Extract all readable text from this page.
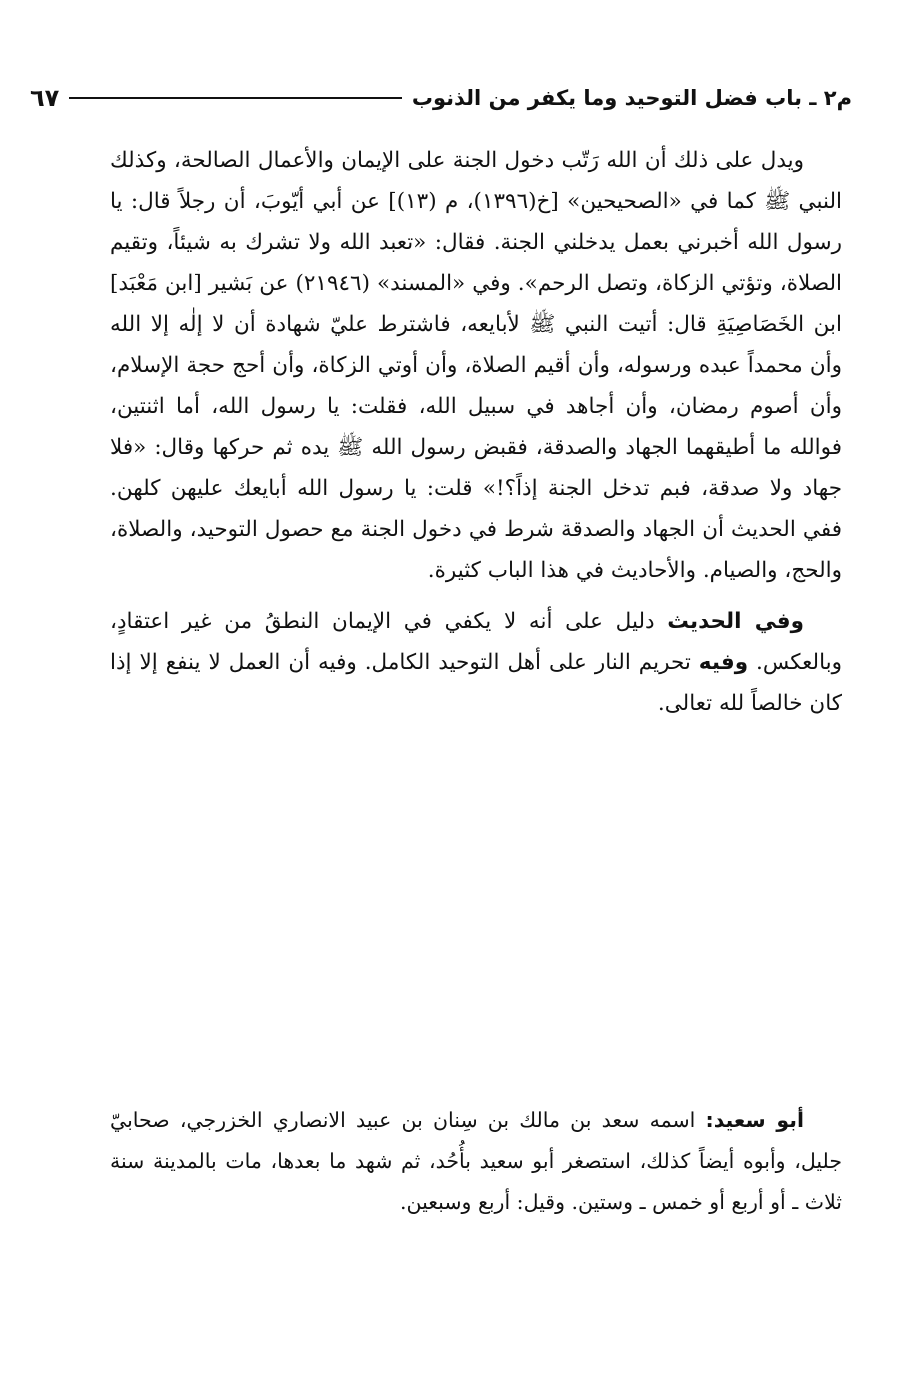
م٢ ـ باب فضل التوحيد وما يكفر من الذنوب
٦٧

ويدل على ذلك أن الله رَتّب دخول الجنة على الإيمان والأعمال الصالحة، وكذلك النبي ﷺ كما في «الصحيحين» [خ(١٣٩٦)، م (١٣)] عن أبي أيّوبَ، أن رجلاً قال: يا رسول الله أخبرني بعمل يدخلني الجنة. فقال: «تعبد الله ولا تشرك به شيئاً، وتقيم الصلاة، وتؤتي الزكاة، وتصل الرحم». وفي «المسند» (٢١٩٤٦) عن بَشير [ابن مَعْبَد] ابن الخَصَاصِيَةِ قال: أتيت النبي ﷺ لأبايعه، فاشترط عليّ شهادة أن لا إلٰه إلا الله وأن محمداً عبده ورسوله، وأن أقيم الصلاة، وأن أوتي الزكاة، وأن أحج حجة الإسلام، وأن أصوم رمضان، وأن أجاهد في سبيل الله، فقلت: يا رسول الله، أما اثنتين، فوالله ما أطيقهما الجهاد والصدقة، فقبض رسول الله ﷺ يده ثم حركها وقال: «فلا جهاد ولا صدقة، فبم تدخل الجنة إذاً؟!» قلت: يا رسول الله أبايعك عليهن كلهن. ففي الحديث أن الجهاد والصدقة شرط في دخول الجنة مع حصول التوحيد، والصلاة، والحج، والصيام. والأحاديث في هذا الباب كثيرة.

وفي الحديث دليل على أنه لا يكفي في الإيمان النطقُ من غير اعتقادٍ، وبالعكس. وفيه تحريم النار على أهل التوحيد الكامل. وفيه أن العمل لا ينفع إلا إذا كان خالصاً لله تعالى.

أبو سعيد: اسمه سعد بن مالك بن سِنان بن عبيد الانصاري الخزرجي، صحابيّ جليل، وأبوه أيضاً كذلك، استصغر أبو سعيد بأُحُد، ثم شهد ما بعدها، مات بالمدينة سنة ثلاث ـ أو أربع أو خمس ـ وستين. وقيل: أربع وسبعين.
